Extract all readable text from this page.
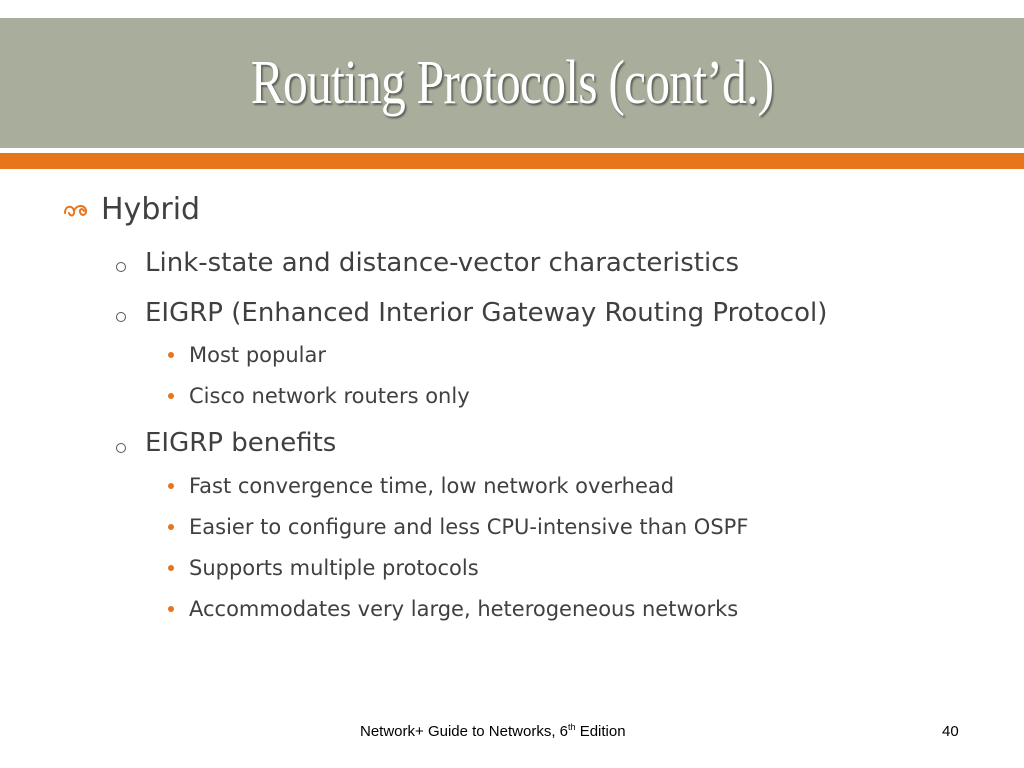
Routing Protocols (cont’d.)
Hybrid
Link-state and distance-vector characteristics
EIGRP (Enhanced Interior Gateway Routing Protocol)
Most popular
Cisco network routers only
EIGRP benefits
Fast convergence time, low network overhead
Easier to configure and less CPU-intensive than OSPF
Supports multiple protocols
Accommodates very large, heterogeneous networks
Network+ Guide to Networks, 6th Edition	40
